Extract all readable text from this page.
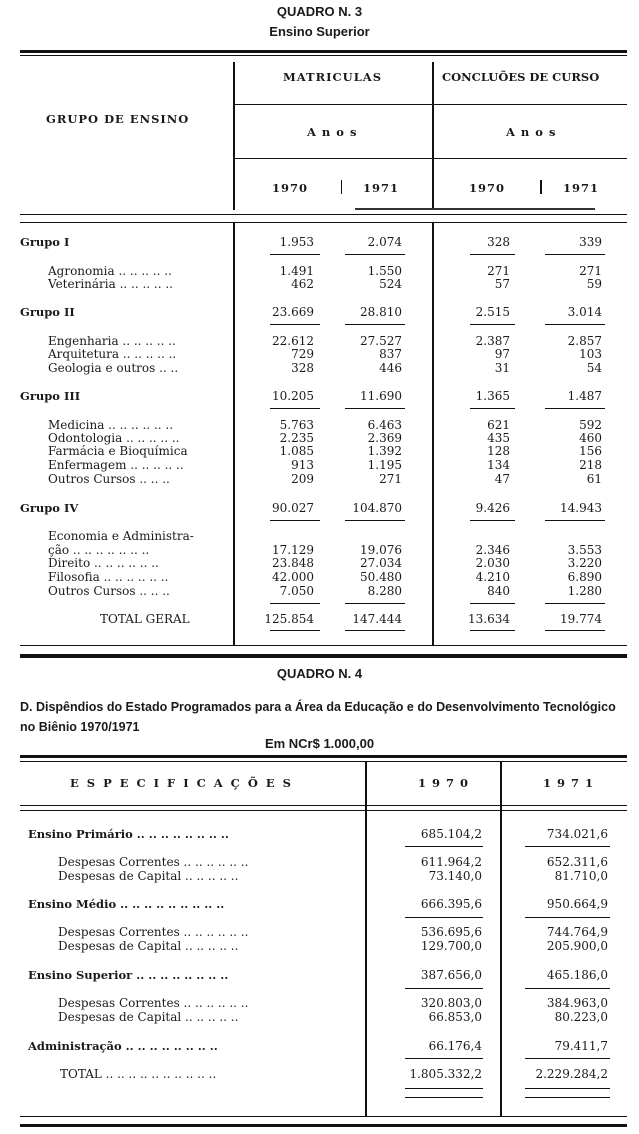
QUADRO N. 3
Ensino Superior
GRUPO DE ENSINO
MATRICULAS	CONCLUÕES DE CURSO
A n o s	A n o s
1970	1971	1970	1971
Grupo I	1.953	2.074	328	339
Agronomia .. .. .. .. ..	1.491	1.550	271	271
Veterinária .. .. .. .. ..	462	524	57	59
Grupo II	23.669	28.810	2.515	3.014
Engenharia .. .. .. .. ..	22.612	27.527	2.387	2.857
Arquitetura .. .. .. .. ..	729	837	97	103
Geologia e outros .. ..	328	446	31	54
Grupo III	10.205	11.690	1.365	1.487
Medicina .. .. .. .. .. ..	5.763	6.463	621	592
Odontologia .. .. .. .. ..	2.235	2.369	435	460
Farmácia e Bioquímica	1.085	1.392	128	156
Enfermagem .. .. .. .. ..	913	1.195	134	218
Outros Cursos .. .. ..	209	271	47	61
Grupo IV	90.027	104.870	9.426	14.943
Economia e Administra-
ção .. .. .. .. .. .. ..	17.129	19.076	2.346	3.553
Direito .. .. .. .. .. ..	23.848	27.034	2.030	3.220
Filosofia .. .. .. .. .. ..	42.000	50.480	4.210	6.890
Outros Cursos .. .. ..	7.050	8.280	840	1.280
TOTAL GERAL	125.854	147.444	13.634	19.774
QUADRO N. 4
D. Dispêndios do Estado Programados para a Área da Educação e do Desenvolvimento Tecnológico no Biênio 1970/1971
Em NCr$ 1.000,00
E S P E C I F I C A Ç Õ E S	1 9 7 0	1 9 7 1
Ensino Primário .. .. .. .. .. .. .. ..	685.104,2	734.021,6
Despesas Correntes .. .. .. .. .. ..	611.964,2	652.311,6
Despesas de Capital .. .. .. .. ..	73.140,0	81.710,0
Ensino Médio .. .. .. .. .. .. .. .. ..	666.395,6	950.664,9
Despesas Correntes .. .. .. .. .. ..	536.695,6	744.764,9
Despesas de Capital .. .. .. .. ..	129.700,0	205.900,0
Ensino Superior .. .. .. .. .. .. .. ..	387.656,0	465.186,0
Despesas Correntes .. .. .. .. .. ..	320.803,0	384.963,0
Despesas de Capital .. .. .. .. ..	66.853,0	80.223,0
Administração .. .. .. .. .. .. .. ..	66.176,4	79.411,7
TOTAL .. .. .. .. .. .. .. .. .. ..	1.805.332,2	2.229.284,2
